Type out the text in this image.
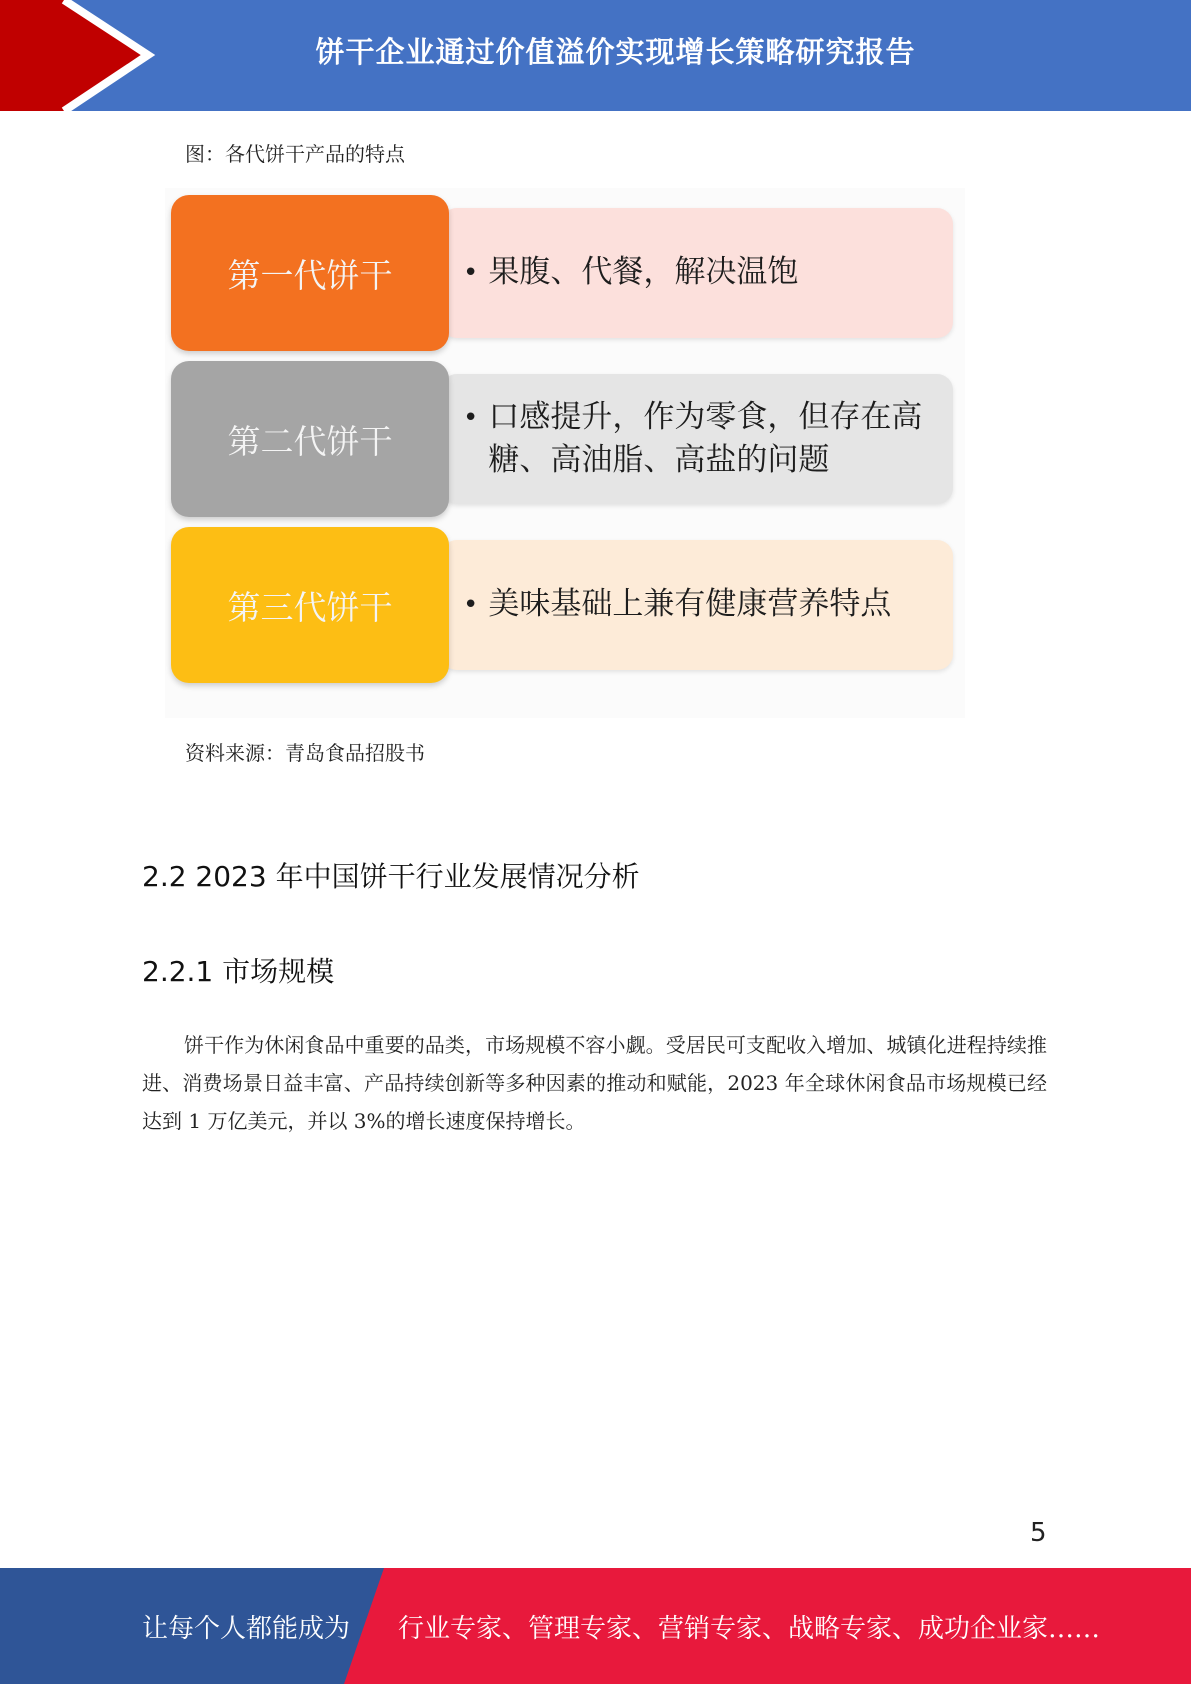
饼干企业通过价值溢价实现增长策略研究报告
图：各代饼干产品的特点
第一代饼干	• 果腹、代餐，解决温饱
第二代饼干
• 口感提升，作为零食，但存在高糖、高油脂、高盐的问题
第三代饼干	• 美味基础上兼有健康营养特点
资料来源：青岛食品招股书
2.2 2023 年中国饼干行业发展情况分析
2.2.1 市场规模
饼干作为休闲食品中重要的品类，市场规模不容小觑。受居民可支配收入增加、城镇化进程持续推进、消费场景日益丰富、产品持续创新等多种因素的推动和赋能，2023 年全球休闲食品市场规模已经达到 1 万亿美元，并以 3%的增长速度保持增长。
5
让每个人都能成为 行业专家、管理专家、营销专家、战略专家、成功企业家……
